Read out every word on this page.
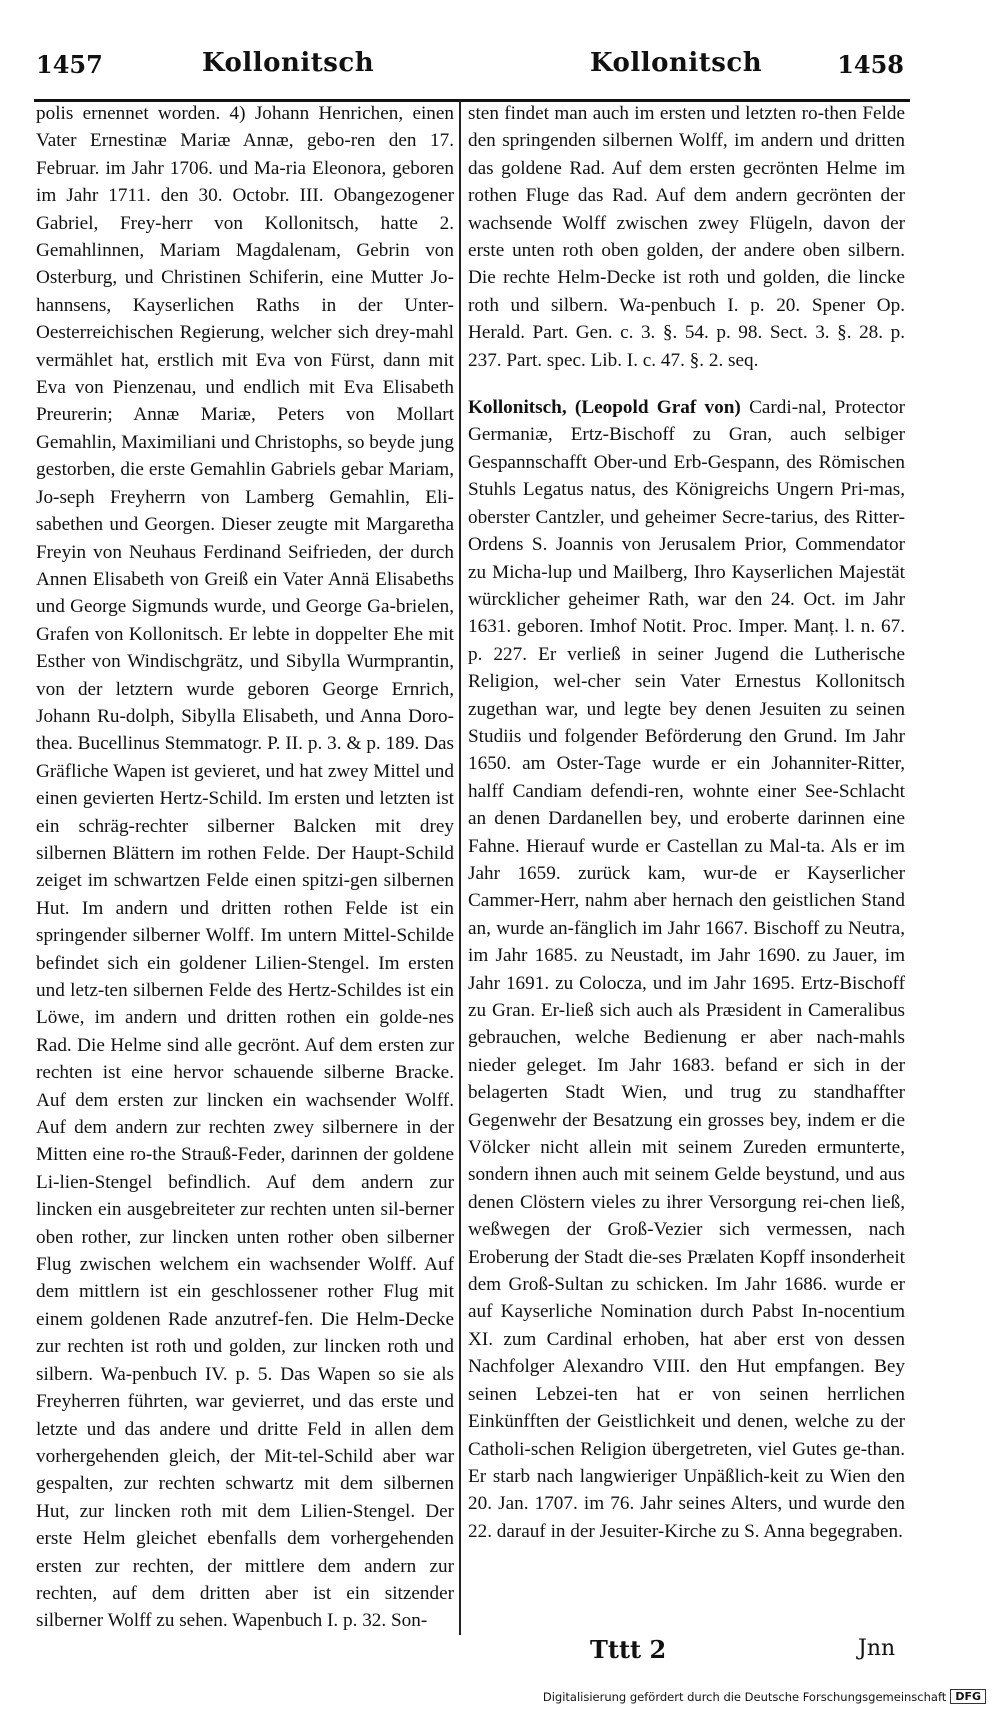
1457	Kollonitsch	Kollonitsch	1458

polis ernennet worden. 4) Johann Henrichen, einen Vater Ernestinæ Mariæ Annæ, gebo-ren den 17. Februar. im Jahr 1706. und Ma-ria Eleonora, geboren im Jahr 1711. den 30. Octobr. III. Obangezogener Gabriel, Frey-herr von Kollonitsch, hatte 2. Gemahlinnen, Mariam Magdalenam, Gebrin von Osterburg, und Christinen Schiferin, eine Mutter Jo-hannsens, Kayserlichen Raths in der Unter-Oesterreichischen Regierung, welcher sich drey-mahl vermählet hat, erstlich mit Eva von Fürst, dann mit Eva von Pienzenau, und endlich mit Eva Elisabeth Preurerin; Annæ Mariæ, Peters von Mollart Gemahlin, Maximiliani und Christophs, so beyde jung gestorben, die erste Gemahlin Gabriels gebar Mariam, Jo-seph Freyherrn von Lamberg Gemahlin, Eli-sabethen und Georgen. Dieser zeugte mit Margaretha Freyin von Neuhaus Ferdinand Seifrieden, der durch Annen Elisabeth von Greiß ein Vater Annä Elisabeths und George Sigmunds wurde, und George Ga-brielen, Grafen von Kollonitsch. Er lebte in doppelter Ehe mit Esther von Windischgrätz, und Sibylla Wurmprantin, von der letztern wurde geboren George Ernrich, Johann Ru-dolph, Sibylla Elisabeth, und Anna Doro-thea. Bucellinus Stemmatogr. P. II. p. 3. & p. 189. Das Gräfliche Wapen ist gevieret, und hat zwey Mittel und einen gevierten Hertz-Schild. Im ersten und letzten ist ein schräg-rechter silberner Balcken mit drey silbernen Blättern im rothen Felde. Der Haupt-Schild zeiget im schwartzen Felde einen spitzi-gen silbernen Hut. Im andern und dritten rothen Felde ist ein springender silberner Wolff. Im untern Mittel-Schilde befindet sich ein goldener Lilien-Stengel. Im ersten und letz-ten silbernen Felde des Hertz-Schildes ist ein Löwe, im andern und dritten rothen ein golde-nes Rad. Die Helme sind alle gecrönt. Auf dem ersten zur rechten ist eine hervor schauende silberne Bracke. Auf dem ersten zur lincken ein wachsender Wolff. Auf dem andern zur rechten zwey silbernere in der Mitten eine ro-the Strauß-Feder, darinnen der goldene Li-lien-Stengel befindlich. Auf dem andern zur lincken ein ausgebreiteter zur rechten unten sil-berner oben rother, zur lincken unten rother oben silberner Flug zwischen welchem ein wachsender Wolff. Auf dem mittlern ist ein geschlossener rother Flug mit einem goldenen Rade anzutref-fen. Die Helm-Decke zur rechten ist roth und golden, zur lincken roth und silbern. Wa-penbuch IV. p. 5. Das Wapen so sie als Freyherren führten, war gevierret, und das erste und letzte und das andere und dritte Feld in allen dem vorhergehenden gleich, der Mit-tel-Schild aber war gespalten, zur rechten schwartz mit dem silbernen Hut, zur lincken roth mit dem Lilien-Stengel. Der erste Helm gleichet ebenfalls dem vorhergehenden ersten zur rechten, der mittlere dem andern zur rechten, auf dem dritten aber ist ein sitzender silberner Wolff zu sehen. Wapenbuch I. p. 32. Son-

sten findet man auch im ersten und letzten ro-then Felde den springenden silbernen Wolff, im andern und dritten das goldene Rad. Auf dem ersten gecrönten Helme im rothen Fluge das Rad. Auf dem andern gecrönten der wachsende Wolff zwischen zwey Flügeln, davon der erste unten roth oben golden, der andere oben silbern. Die rechte Helm-Decke ist roth und golden, die lincke roth und silbern. Wa-penbuch I. p. 20. Spener Op. Herald. Part. Gen. c. 3. §. 54. p. 98. Sect. 3. §. 28. p. 237. Part. spec. Lib. I. c. 47. §. 2. seq.

Kollonitsch, (Leopold Graf von) Cardi-nal, Protector Germaniæ, Ertz-Bischoff zu Gran, auch selbiger Gespannschafft Ober-und Erb-Gespann, des Römischen Stuhls Legatus natus, des Königreichs Ungern Pri-mas, oberster Cantzler, und geheimer Secre-tarius, des Ritter-Ordens S. Joannis von Jerusalem Prior, Commendator zu Micha-lup und Mailberg, Ihro Kayserlichen Majestät würcklicher geheimer Rath, war den 24. Oct. im Jahr 1631. geboren. Imhof Notit. Proc. Imper. Manț. l. n. 67. p. 227. Er verließ in seiner Jugend die Lutherische Religion, wel-cher sein Vater Ernestus Kollonitsch zugethan war, und legte bey denen Jesuiten zu seinen Studiis und folgender Beförderung den Grund. Im Jahr 1650. am Oster-Tage wurde er ein Johanniter-Ritter, halff Candiam defendi-ren, wohnte einer See-Schlacht an denen Dardanellen bey, und eroberte darinnen eine Fahne. Hierauf wurde er Castellan zu Mal-ta. Als er im Jahr 1659. zurück kam, wur-de er Kayserlicher Cammer-Herr, nahm aber hernach den geistlichen Stand an, wurde an-fänglich im Jahr 1667. Bischoff zu Neutra, im Jahr 1685. zu Neustadt, im Jahr 1690. zu Jauer, im Jahr 1691. zu Colocza, und im Jahr 1695. Ertz-Bischoff zu Gran. Er-ließ sich auch als Præsident in Cameralibus gebrauchen, welche Bedienung er aber nach-mahls nieder geleget. Im Jahr 1683. befand er sich in der belagerten Stadt Wien, und trug zu standhaffter Gegenwehr der Besatzung ein grosses bey, indem er die Völcker nicht allein mit seinem Zureden ermunterte, sondern ihnen auch mit seinem Gelde beystund, und aus denen Clöstern vieles zu ihrer Versorgung rei-chen ließ, weßwegen der Groß-Vezier sich vermessen, nach Eroberung der Stadt die-ses Prælaten Kopff insonderheit dem Groß-Sultan zu schicken. Im Jahr 1686. wurde er auf Kayserliche Nomination durch Pabst In-nocentium XI. zum Cardinal erhoben, hat aber erst von dessen Nachfolger Alexandro VIII. den Hut empfangen. Bey seinen Lebzei-ten hat er von seinen herrlichen Einkünfften der Geistlichkeit und denen, welche zu der Catholi-schen Religion übergetreten, viel Gutes ge-than. Er starb nach langwieriger Unpäßlich-keit zu Wien den 20. Jan. 1707. im 76. Jahr seines Alters, und wurde den 22. darauf in der Jesuiter-Kirche zu S. Anna begegraben.

Tttt 2	Jnn
Digitalisierung gefördert durch die Deutsche Forschungsgemeinschaft DFG
